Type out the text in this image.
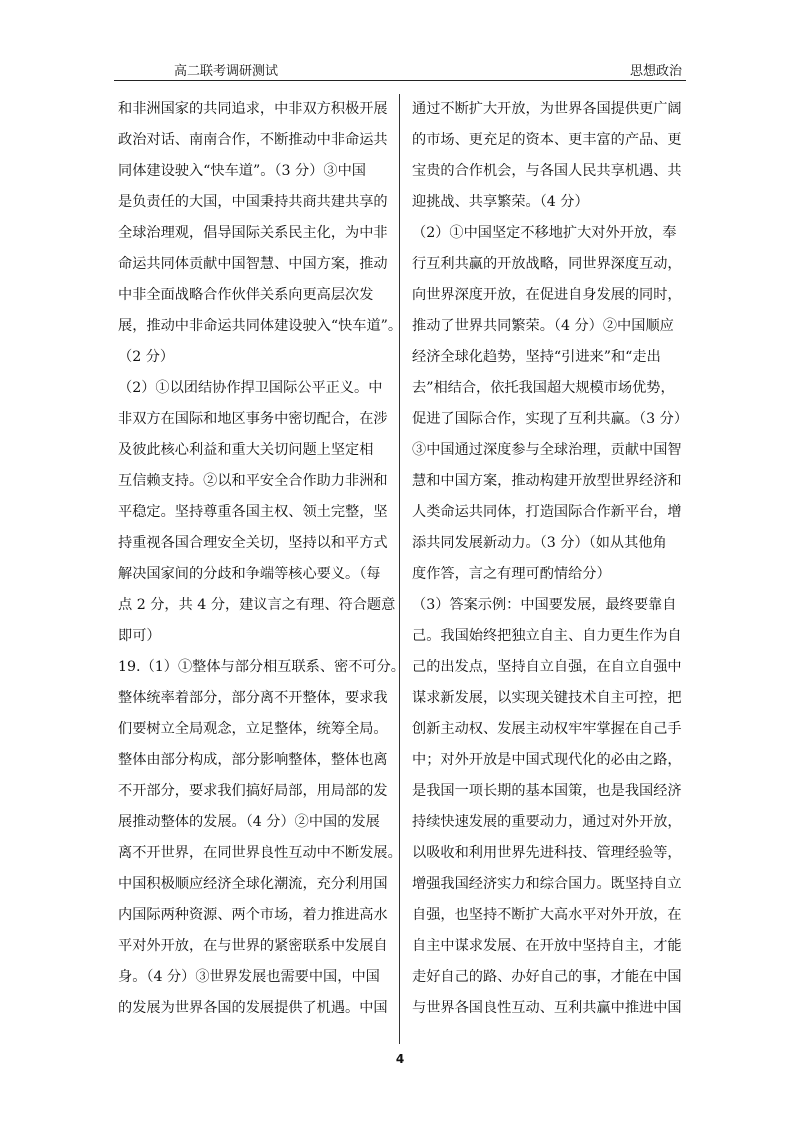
高二联考调研测试	思想政治
和非洲国家的共同追求，中非双方积极开展
政治对话、南南合作，不断推动中非命运共
同体建设驶入“快车道”。（3 分）③中国
是负责任的大国，中国秉持共商共建共享的
全球治理观，倡导国际关系民主化，为中非
命运共同体贡献中国智慧、中国方案，推动
中非全面战略合作伙伴关系向更高层次发
展，推动中非命运共同体建设驶入“快车道”。
（2 分）
（2）①以团结协作捍卫国际公平正义。中
非双方在国际和地区事务中密切配合，在涉
及彼此核心利益和重大关切问题上坚定相
互信赖支持。②以和平安全合作助力非洲和
平稳定。坚持尊重各国主权、领土完整，坚
持重视各国合理安全关切，坚持以和平方式
解决国家间的分歧和争端等核心要义。（每
点 2 分，共 4 分，建议言之有理、符合题意
即可）
19.（1）①整体与部分相互联系、密不可分。
整体统率着部分，部分离不开整体，要求我
们要树立全局观念，立足整体，统筹全局。
整体由部分构成，部分影响整体，整体也离
不开部分，要求我们搞好局部，用局部的发
展推动整体的发展。（4 分）②中国的发展
离不开世界，在同世界良性互动中不断发展。
中国积极顺应经济全球化潮流，充分利用国
内国际两种资源、两个市场，着力推进高水
平对外开放，在与世界的紧密联系中发展自
身。（4 分）③世界发展也需要中国，中国
的发展为世界各国的发展提供了机遇。中国
通过不断扩大开放，为世界各国提供更广阔
的市场、更充足的资本、更丰富的产品、更
宝贵的合作机会，与各国人民共享机遇、共
迎挑战、共享繁荣。（4 分）
（2）①中国坚定不移地扩大对外开放，奉
行互利共赢的开放战略，同世界深度互动，
向世界深度开放，在促进自身发展的同时，
推动了世界共同繁荣。（4 分）②中国顺应
经济全球化趋势，坚持“引进来”和“走出
去”相结合，依托我国超大规模市场优势，
促进了国际合作，实现了互利共赢。（3 分）
③中国通过深度参与全球治理，贡献中国智
慧和中国方案，推动构建开放型世界经济和
人类命运共同体，打造国际合作新平台，增
添共同发展新动力。（3 分）（如从其他角
度作答，言之有理可酌情给分）
（3）答案示例：中国要发展，最终要靠自
己。我国始终把独立自主、自力更生作为自
己的出发点，坚持自立自强，在自立自强中
谋求新发展，以实现关键技术自主可控，把
创新主动权、发展主动权牢牢掌握在自己手
中；对外开放是中国式现代化的必由之路，
是我国一项长期的基本国策，也是我国经济
持续快速发展的重要动力，通过对外开放，
以吸收和利用世界先进科技、管理经验等，
增强我国经济实力和综合国力。既坚持自立
自强，也坚持不断扩大高水平对外开放，在
自主中谋求发展、在开放中坚持自主，才能
走好自己的路、办好自己的事，才能在中国
与世界各国良性互动、互利共赢中推进中国
4
